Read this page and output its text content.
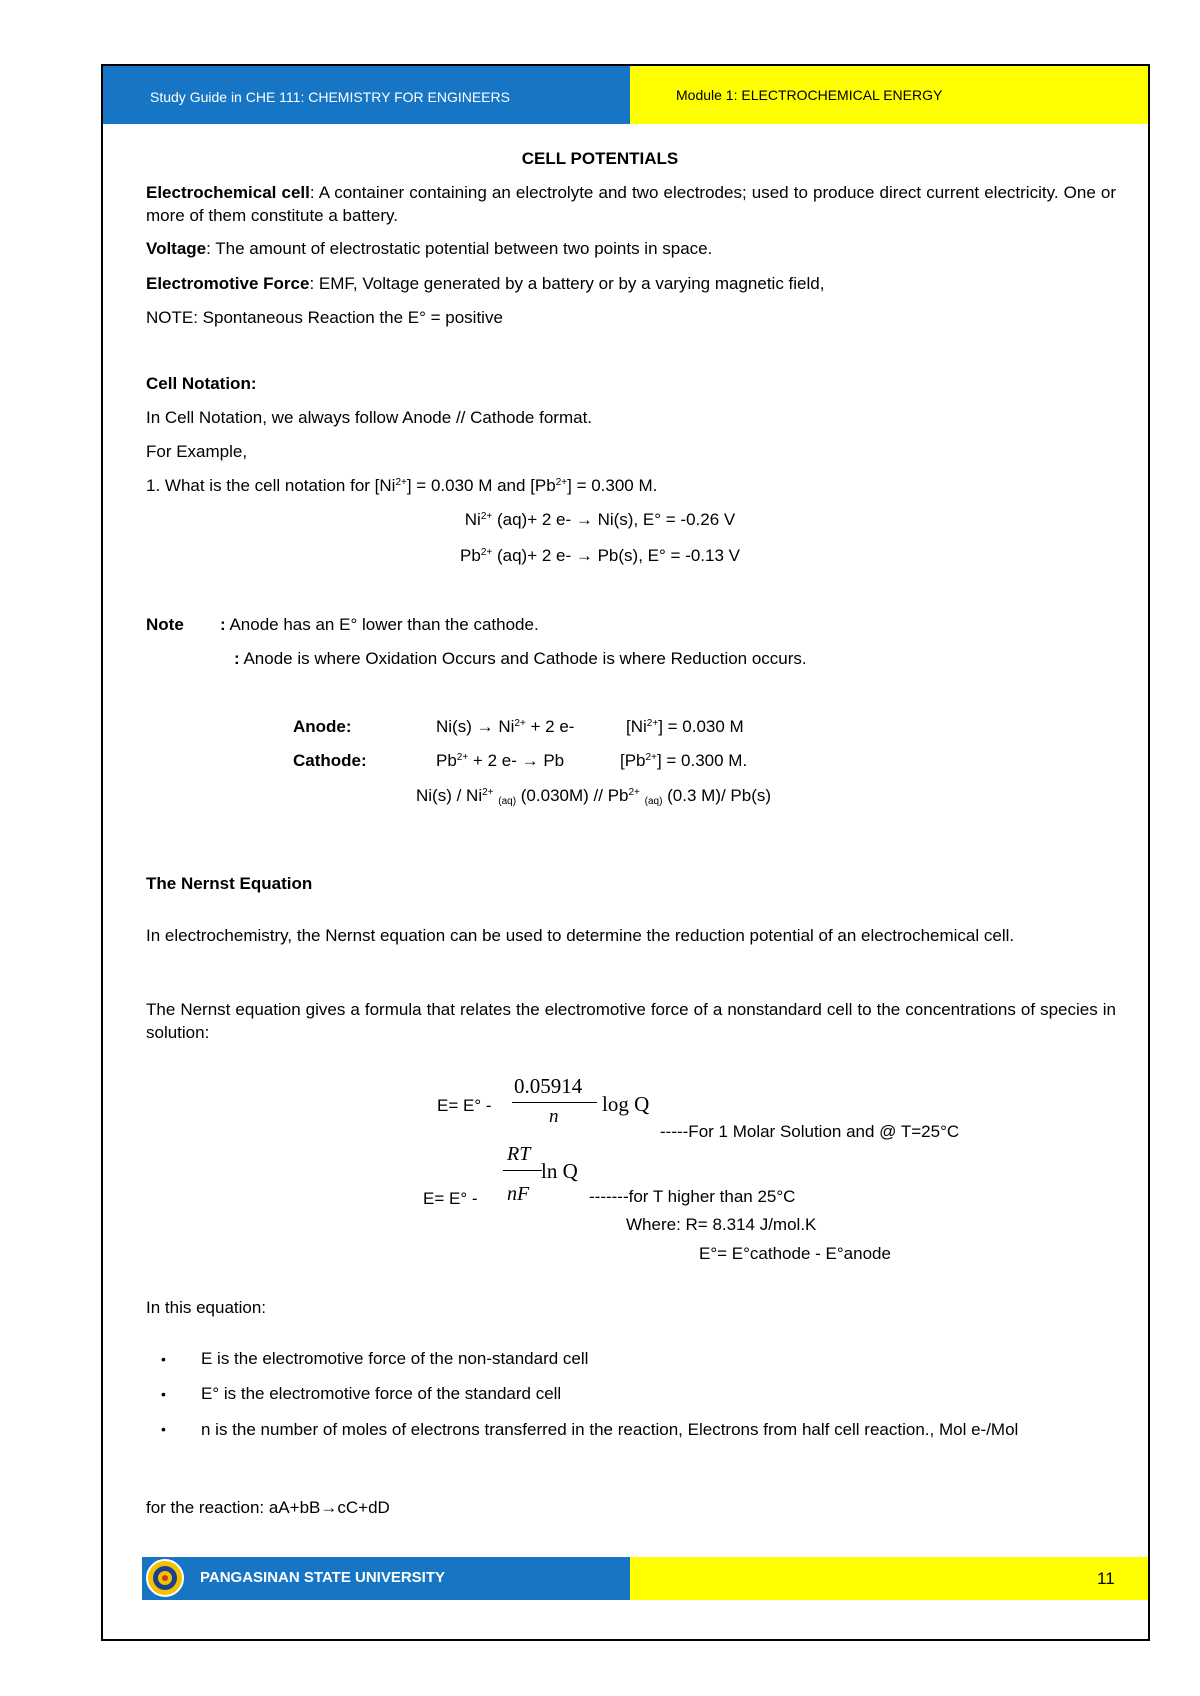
Study Guide in CHE 111: CHEMISTRY FOR ENGINEERS	Module 1: ELECTROCHEMICAL ENERGY
CELL POTENTIALS
Electrochemical cell: A container containing an electrolyte and two electrodes; used to produce direct current electricity. One or more of them constitute a battery.
Voltage: The amount of electrostatic potential between two points in space.
Electromotive Force: EMF, Voltage generated by a battery or by a varying magnetic field,
NOTE: Spontaneous Reaction the E° = positive
Cell Notation:
In Cell Notation, we always follow Anode // Cathode format.
For Example,
1. What is the cell notation for $[Ni^{2+}] = 0.030$ M and $[Pb^{2+}] = 0.300$ M.
$Ni^{2+}$ (aq)+ 2 e- → Ni(s), E° = -0.26 V
$Pb^{2+}$ (aq)+ 2 e- → Pb(s), E° = -0.13 V
Note : Anode has an E° lower than the cathode.
: Anode is where Oxidation Occurs and Cathode is where Reduction occurs.
Anode:	$Ni(s) \to Ni^{2+} + 2$ e-	$[Ni^{2+}] = 0.030$ M
Cathode:	$Pb^{2+} + 2$ e- → Pb	$[Pb^{2+}] = 0.300$ M.
$Ni(s) / Ni^{2+}$ $_{(aq)}$ $(0.030M) // Pb^{2+}$ $_{(aq)}$ (0.3 M)/ Pb(s)
The Nernst Equation
In electrochemistry, the Nernst equation can be used to determine the reduction potential of an electrochemical cell.
The Nernst equation gives a formula that relates the electromotive force of a nonstandard cell to the concentrations of species in solution:
E= E° -
0.05914
n
log Q
-----For 1 Molar Solution and @ T=25°C
RT
ln Q
E= E° - nF	-------for T higher than 25°C
Where: R= 8.314 J/mol.K
E°= E°cathode - E°anode
In this equation:
• E is the electromotive force of the non-standard cell
• E° is the electromotive force of the standard cell
• n is the number of moles of electrons transferred in the reaction, Electrons from half cell reaction., Mol e-/Mol
for the reaction: aA+bB→cC+dD
PANGASINAN STATE UNIVERSITY	11
